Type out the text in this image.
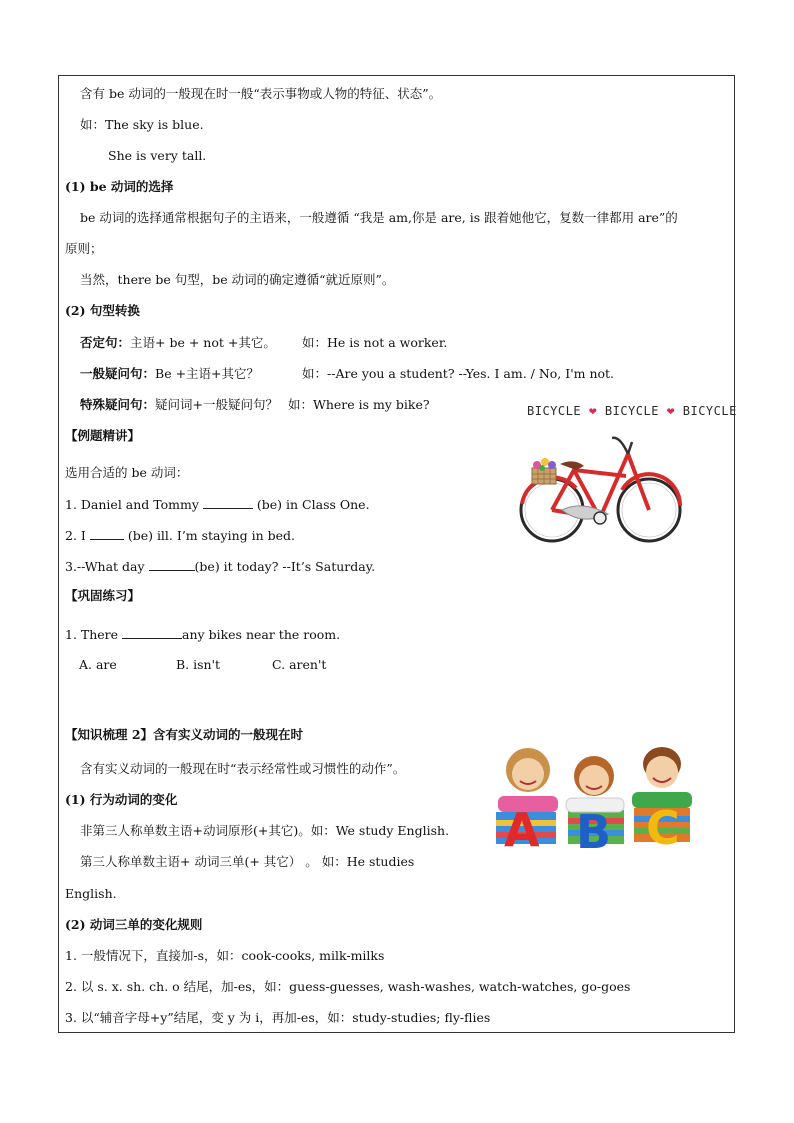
含有 be 动词的一般现在时一般“表示事物或人物的特征、状态”。
如：The sky is blue.
She is very tall.
(1) be 动词的选择
be 动词的选择通常根据句子的主语来，一般遵循 “我是 am,你是 are, is 跟着她他它，复数一律都用 are”的
原则；
当然，there be 句型，be 动词的确定遵循“就近原则”。
(2) 句型转换
否定句：主语+ be + not +其它。 如：He is not a worker.
一般疑问句：Be +主语+其它？	如：--Are you a student? --Yes. I am. / No, I'm not.
特殊疑问句：疑问词+一般疑问句？ 如：Where is my bike?
【例题精讲】
选用合适的 be 动词：
1. Daniel and Tommy	(be) in Class One.
2. I	(be) ill. I’m staying in bed.
3.--What day	(be) it today? --It’s Saturday.
【巩固练习】
1. There	any bikes near the room.
A. are	B. isn't	C. aren't
【知识梳理 2】含有实义动词的一般现在时
含有实义动词的一般现在时“表示经常性或习惯性的动作”。
(1) 行为动词的变化
非第三人称单数主语+动词原形(+其它)。如：We study English.
第三人称单数主语+ 动词三单(+ 其它） 。 如：He studies
English.
(2) 动词三单的变化规则
1. 一般情况下，直接加-s，如：cook-cooks, milk-milks
2. 以 s. x. sh. ch. o 结尾，加-es，如：guess-guesses, wash-washes, watch-watches, go-goes
3. 以“辅音字母+y”结尾，变 y 为 i，再加-es，如：study-studies; fly-flies
BICYCLE ❤ BICYCLE ❤ BICYCLE
A B C
